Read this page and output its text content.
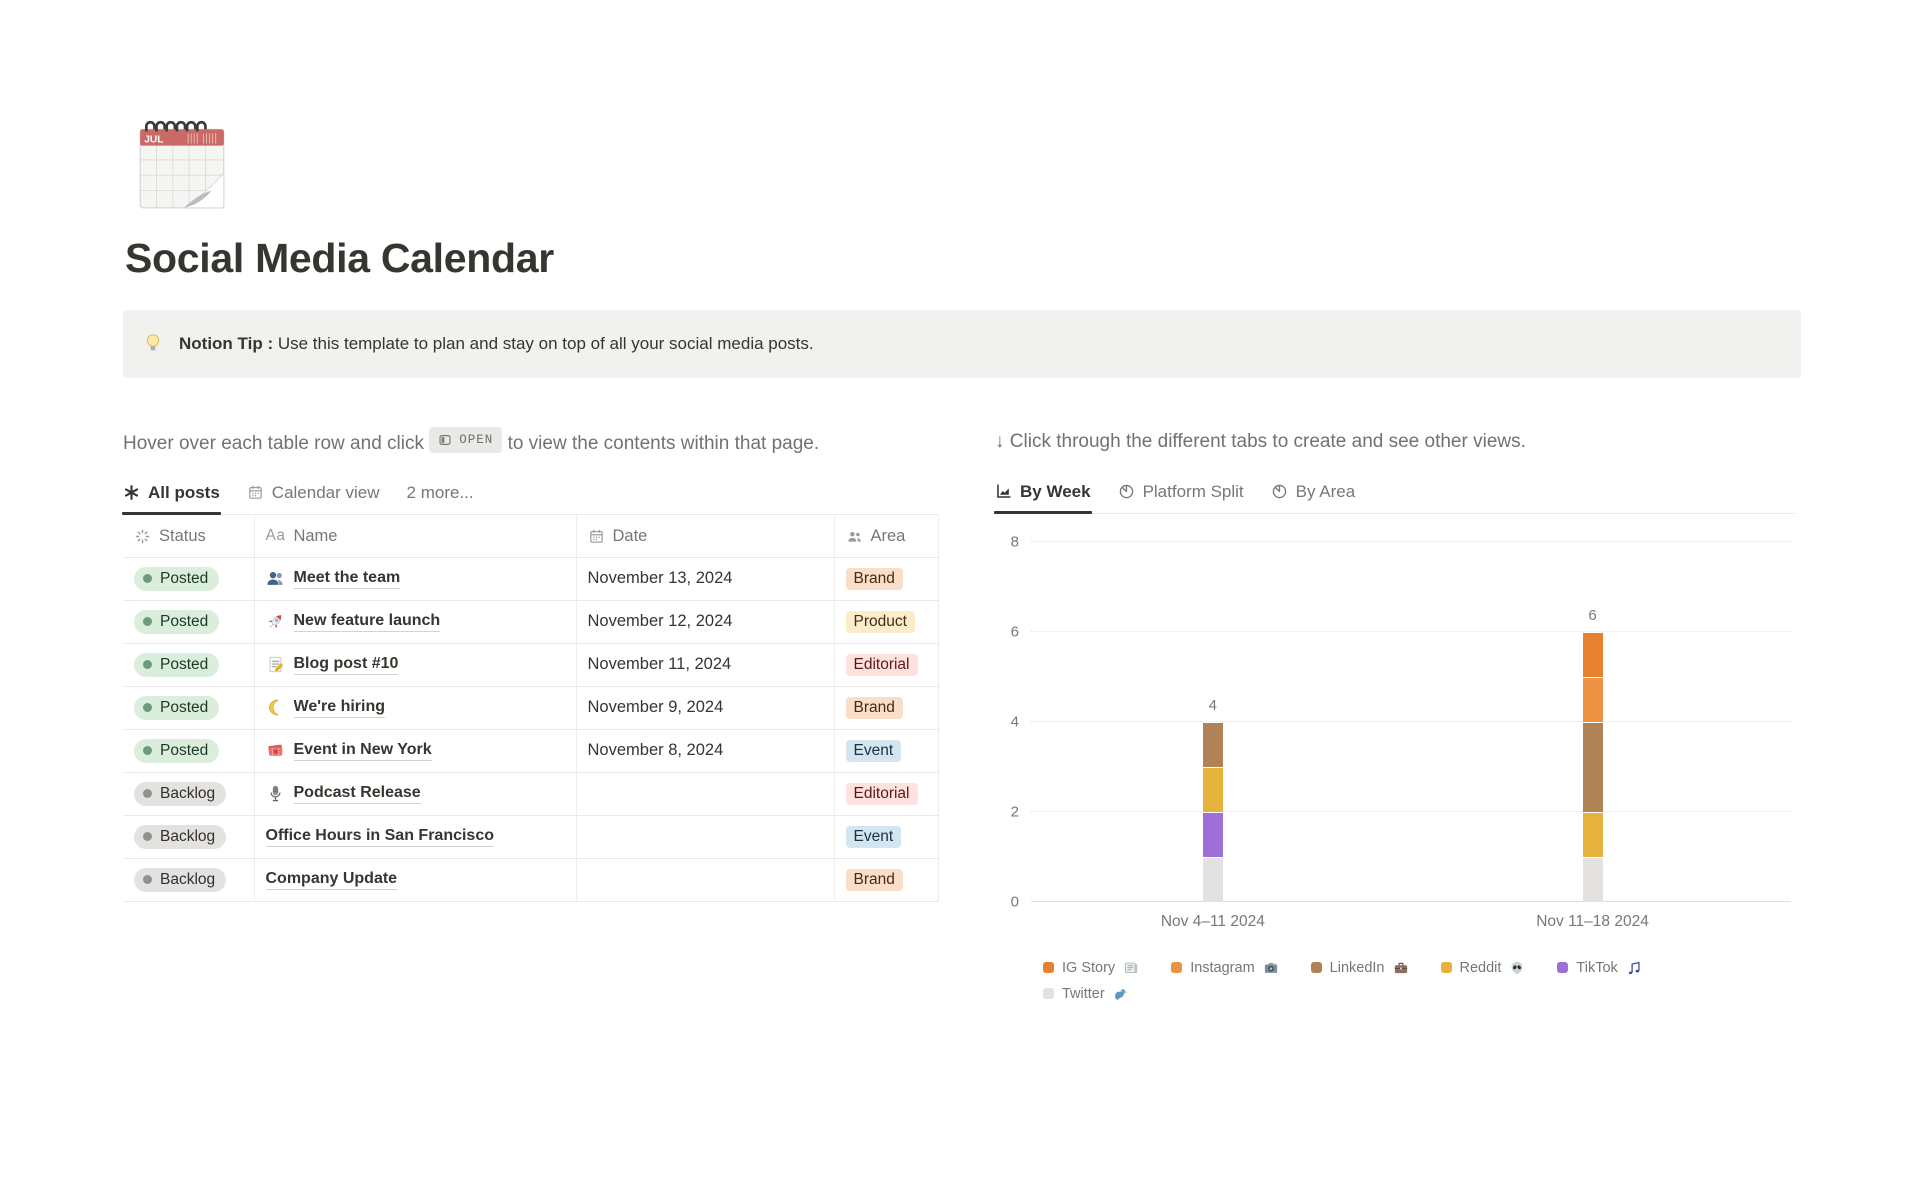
Social Media Calendar

Notion Tip : Use this template to plan and stay on top of all your social media posts.

Hover over each table row and click	OPEN to view the contents within that page.

All posts	Calendar view 2 more...
Status	Aa Name	Date	Area

Posted	Meet the team	November 13, 2024	Brand

Posted	New feature launch	November 12, 2024	Product

Posted	Blog post #10	November 11, 2024	Editorial

Posted	We're hiring	November 9, 2024	Brand

Posted	Event in New York	November 8, 2024	Event

Backlog	Podcast Release		Editorial

Backlog	Office Hours in San Francisco		Event

Backlog	Company Update		Brand

↓ Click through the different tabs to create and see other views.

By Week	Platform Split	By Area
0
2
4
6
8
4
6
Nov 4–11 2024	Nov 11–18 2024
IG Story	Instagram	LinkedIn	Reddit	TikTok
Twitter
